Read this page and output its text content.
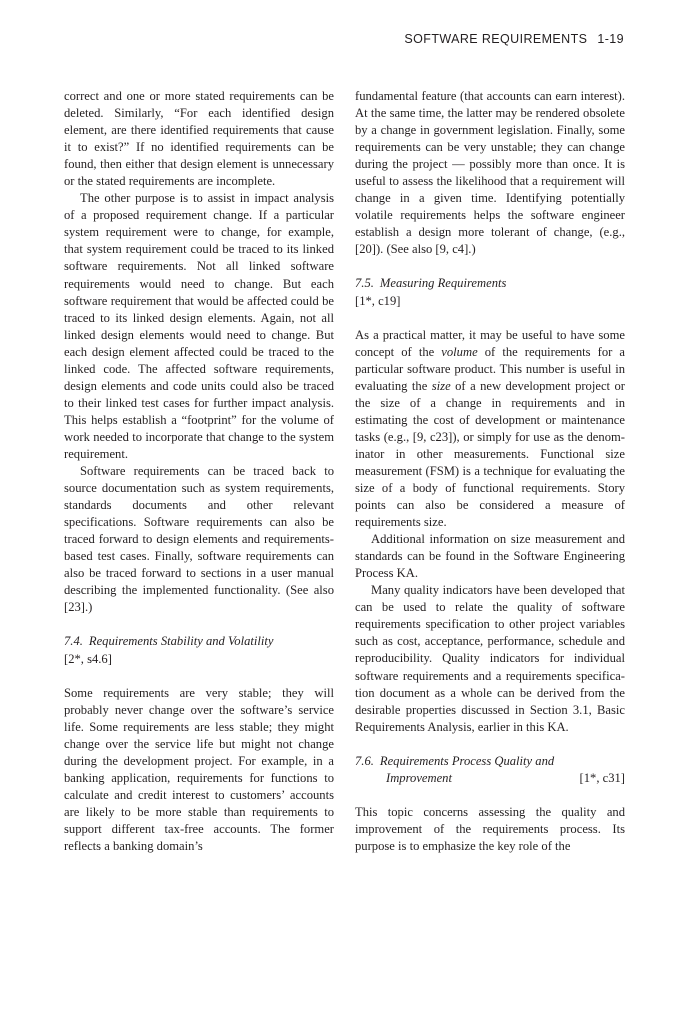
SOFTWARE REQUIREMENTS 1-19

correct and one or more stated requirements can be deleted. Similarly, “For each identified design element, are there identified requirements that cause it to exist?” If no identified requirements can be found, then either that design element is unnecessary or the stated requirements are incomplete.

The other purpose is to assist in impact analysis of a proposed requirement change. If a particular system requirement were to change, for example, that system requirement could be traced to its linked software requirements. Not all linked software requirements would need to change. But each software requirement that would be affected could be traced to its linked design elements. Again, not all linked design elements would need to change. But each design element affected could be traced to the linked code. The affected software requirements, design elements and code units could also be traced to their linked test cases for further impact analysis. This helps establish a “footprint” for the volume of work needed to incorporate that change to the system requirement.

Software requirements can be traced back to source documentation such as system requirements, standards documents and other relevant specifications. Software requirements can also be traced forward to design elements and requirements-based test cases. Finally, software requirements can also be traced forward to sections in a user manual describing the implemented functionality. (See also [23].)

7.4. Requirements Stability and Volatility

[2*, s4.6]

Some requirements are very stable; they will probably never change over the software’s service life. Some requirements are less stable; they might change over the service life but might not change during the development project. For example, in a banking application, requirements for functions to calculate and credit interest to customers’ accounts are likely to be more stable than requirements to support different tax-free accounts. The former reflects a banking domain’s

fundamental feature (that accounts can earn interest). At the same time, the latter may be rendered obsolete by a change in government legislation. Finally, some requirements can be very unstable; they can change during the project — possibly more than once. It is useful to assess the likelihood that a requirement will change in a given time. Identifying potentially volatile requirements helps the software engineer establish a design more tolerant of change, (e.g., [20]). (See also [9, c4].)

7.5. Measuring Requirements

[1*, c19]

As a practical matter, it may be useful to have some concept of the volume of the requirements for a particular software product. This number is useful in evaluating the size of a new development project or the size of a change in requirements and in estimating the cost of development or maintenance tasks (e.g., [9, c23]), or simply for use as the denominator in other measurements. Functional size measurement (FSM) is a technique for evaluating the size of a body of functional requirements. Story points can also be considered a measure of requirements size.

Additional information on size measurement and standards can be found in the Software Engineering Process KA.

Many quality indicators have been developed that can be used to relate the quality of software requirements specification to other project variables such as cost, acceptance, performance, schedule and reproducibility. Quality indicators for individual software requirements and a requirements specification document as a whole can be derived from the desirable properties discussed in Section 3.1, Basic Requirements Analysis, earlier in this KA.

7.6. Requirements Process Quality and
Improvement	[1*, c31]

This topic concerns assessing the quality and improvement of the requirements process. Its purpose is to emphasize the key role of the
